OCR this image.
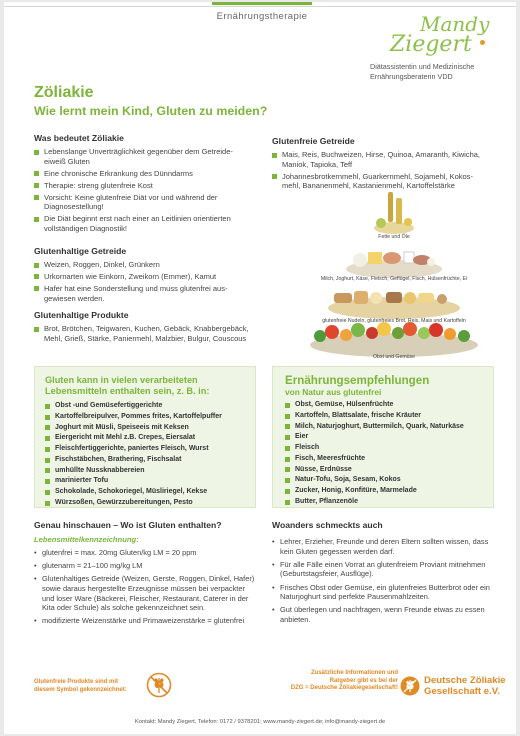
Ernährungstherapie	Mandy
Ziegert
Diätassistentin und Medizinische
Ernährungsberaterin VDD
Zöliakie
Wie lernt mein Kind, Gluten zu meiden?
Was bedeutet Zöliakie
Lebenslange Unverträglichkeit gegenüber dem Getreideeiweiß Gluten
Eine chronische Erkrankung des Dünndarms
Therapie: streng glutenfreie Kost
Vorsicht: Keine glutenfreie Diät vor und während der Diagnosestellung!
Die Diät beginnt erst nach einer an Leitlinien orientierten vollständigen Diagnostik!
Glutenhaltige Getreide
Weizen, Roggen, Dinkel, Grünkern
Urkornarten wie Einkorn, Zweikorn (Emmer), Kamut
Hafer hat eine Sonderstellung und muss glutenfrei ausgewiesen werden.
Glutenhaltige Produkte
Brot, Brötchen, Teigwaren, Kuchen, Gebäck, Knabbergebäck, Mehl, Grieß, Stärke, Paniermehl, Malzbier, Bulgur, Couscous
Glutenfreie Getreide
Mais, Reis, Buchweizen, Hirse, Quinoa, Amaranth, Kiwicha, Maniok, Tapioka, Teff
Johannesbrotkernmehl, Guarkernmehl, Sojamehl, Kokosmehl, Bananenmehl, Kastanienmehl, Kartoffelstärke
Fette und Öle
Milch, Joghurt, Käse, Fleisch, Geflügel, Fisch, Hülsenfrüchte, Ei
glutenfreie Nudeln, glutenfreies Brot, Reis, Mais und Kartoffeln
Obst und Gemüse
Gluten kann in vielen verarbeiteten
Lebensmitteln enthalten sein, z. B. in:
Obst -und Gemüsefertiggerichte
Kartoffelbreipulver, Pommes frites, Kartoffelpuffer
Joghurt mit Müsli, Speiseeis mit Keksen
Eiergericht mit Mehl z.B. Crepes, Eiersalat
Fleischfertiggerichte, paniertes Fleisch, Wurst
Fischstäbchen, Brathering, Fischsalat
umhüllte Nussknabbereien
marinierter Tofu
Schokolade, Schokoriegel, Müsliriegel, Kekse
Würzsoßen, Gewürzzubereitungen, Pesto
Ernährungsempfehlungen
von Natur aus glutenfrei
Obst, Gemüse, Hülsenfrüchte
Kartoffeln, Blattsalate, frische Kräuter
Milch, Naturjoghurt, Buttermilch, Quark, Naturkäse
Eier
Fleisch
Fisch, Meeresfrüchte
Nüsse, Erdnüsse
Natur-Tofu, Soja, Sesam, Kokos
Zucker, Honig, Konfitüre, Marmelade
Butter, Pflanzenöle
Genau hinschauen – Wo ist Gluten enthalten?
Lebensmittelkennzeichnung:
• glutenfrei = max. 20mg Gluten/kg LM = 20 ppm
• glutenarm = 21–100 mg/kg LM
• Glutenhaltiges Getreide (Weizen, Gerste, Roggen, Dinkel, Hafer) sowie daraus hergestellte Erzeugnisse müssen bei verpackter und loser Ware (Bäckerei, Fleischer, Restaurant, Caterer in der Kita oder Schule) als solche gekennzeichnet sein.
• modifizierte Weizenstärke und Primaweizenstärke = glutenfrei
Woanders schmeckts auch
• Lehrer, Erzieher, Freunde und deren Eltern sollten wissen, dass kein Gluten gegessen werden darf.
• Für alle Fälle einen Vorrat an glutenfreiem Proviant mitnehmen (Geburtstagsfeier, Ausflüge).
• Frisches Obst oder Gemüse, ein glutenfreies Butterbrot oder ein Naturjoghurt sind perfekte Pausenmahlzeiten.
• Gut überlegen und nachfragen, wenn Freunde etwas zu essen anbieten.
Glutenfreie Produkte sind mit
diesem Symbol gekennzeichnet:
Zusätzliche Informationen und
Ratgeber gibt es bei der
DZG = Deutsche Zöliakiegesellschaft!
Deutsche Zöliakie
Gesellschaft e.V.
Kontakt: Mandy Ziegert, Telefon: 0172 / 9378201; www.mandy-ziegert.de; info@mandy-ziegert.de
